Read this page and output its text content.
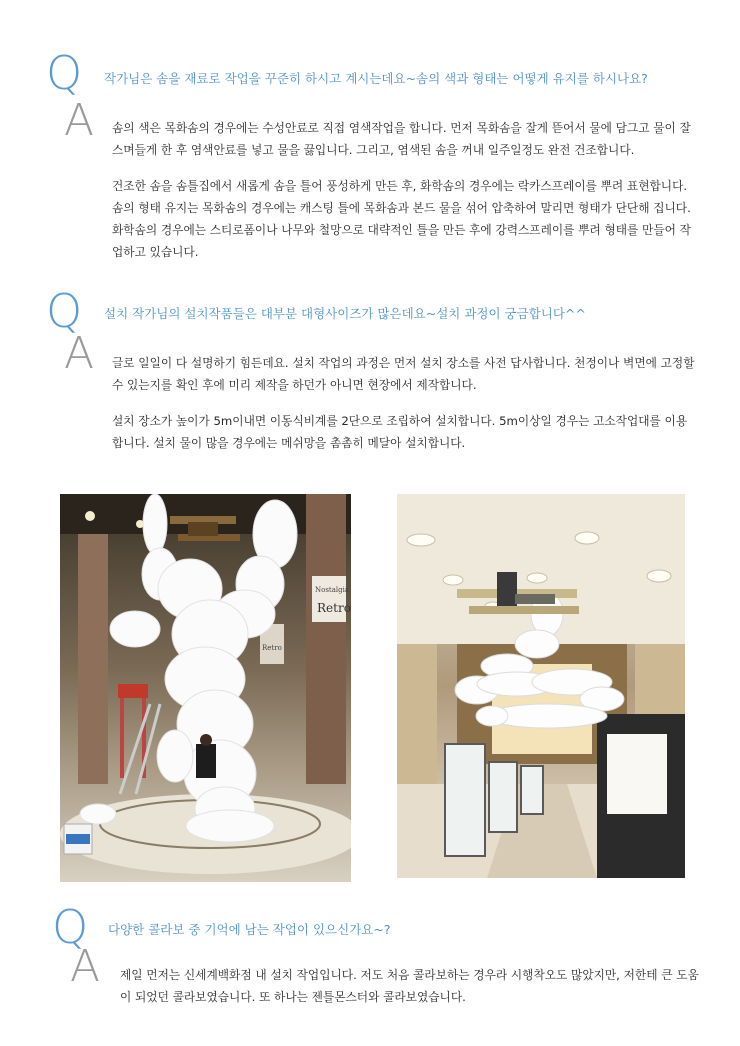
Q 작가님은 솜을 재료로 작업을 꾸준히 하시고 계시는데요~솜의 색과 형태는 어떻게 유지를 하시나요?
A 솜의 색은 목화솜의 경우에는 수성안료로 직접 염색작업을 합니다. 먼저 목화솜을 잘게 뜯어서 물에 담그고 물이 잘 스며들게 한 후 염색안료를 넣고 물을 끓입니다. 그리고, 염색된 솜을 꺼내 일주일정도 완전 건조합니다.

건조한 솜을 솜틀집에서 새롭게 솜을 틀어 풍성하게 만든 후, 화학솜의 경우에는 락카스프레이를 뿌려 표현합니다. 솜의 형태 유지는 목화솜의 경우에는 캐스팅 틀에 목화솜과 본드 물을 섞어 압축하여 말리면 형태가 단단해 집니다. 화학솜의 경우에는 스티로폼이나 나무와 철망으로 대략적인 틀을 만든 후에 강력스프레이를 뿌려 형태를 만들어 작업하고 있습니다.

Q 설치 작가님의 설치작품들은 대부분 대형사이즈가 많은데요~설치 과정이 궁금합니다^^
A 글로 일일이 다 설명하기 힘든데요. 설치 작업의 과정은 먼저 설치 장소를 사전 답사합니다. 천정이나 벽면에 고정할 수 있는지를 확인 후에 미리 제작을 하던가 아니면 현장에서 제작합니다.

설치 장소가 높이가 5m이내면 이동식비계를 2단으로 조립하여 설치합니다. 5m이상일 경우는 고소작업대를 이용합니다. 설치 물이 많을 경우에는 메쉬망을 촘촘히 메달아 설치합니다.

Nostalgia
Retro
Retro
Q 다양한 콜라보 중 기억에 남는 작업이 있으신가요~?
A 제일 먼저는 신세계백화점 내 설치 작업입니다. 저도 처음 콜라보하는 경우라 시행착오도 많았지만, 저한테 큰 도움이 되었던 콜라보였습니다. 또 하나는 젠틀몬스터와 콜라보였습니다.
